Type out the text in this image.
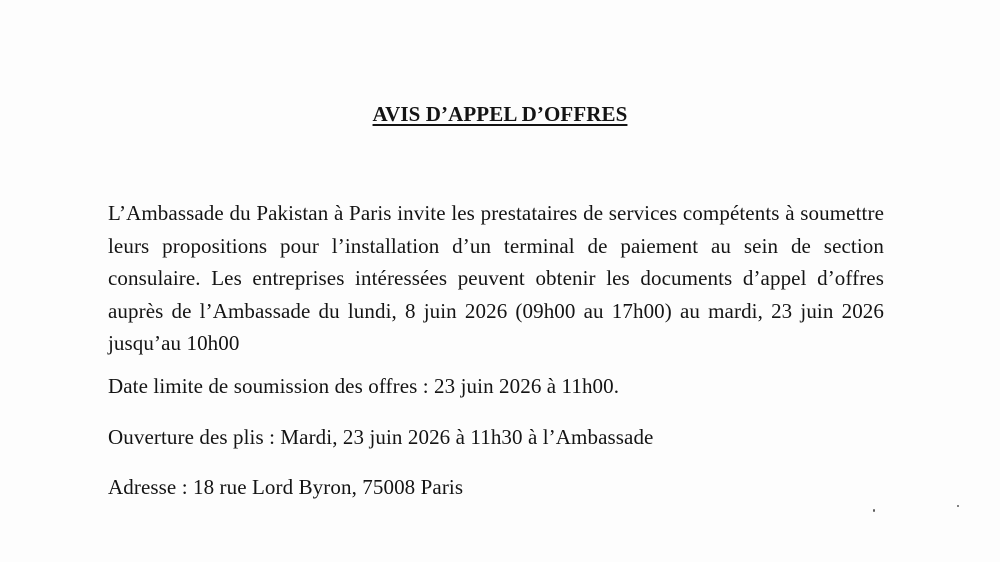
AVIS D’APPEL D’OFFRES

L’Ambassade du Pakistan à Paris invite les prestataires de services compétents à soumettre leurs propositions pour l’installation d’un terminal de paiement au sein de section consulaire. Les entreprises intéressées peuvent obtenir les documents d’appel d’offres auprès de l’Ambassade du lundi, 8 juin 2026 (09h00 au 17h00) au mardi, 23 juin 2026 jusqu’au 10h00

Date limite de soumission des offres : 23 juin 2026 à 11h00.

Ouverture des plis : Mardi, 23 juin 2026 à 11h30 à l’Ambassade

Adresse : 18 rue Lord Byron, 75008 Paris
